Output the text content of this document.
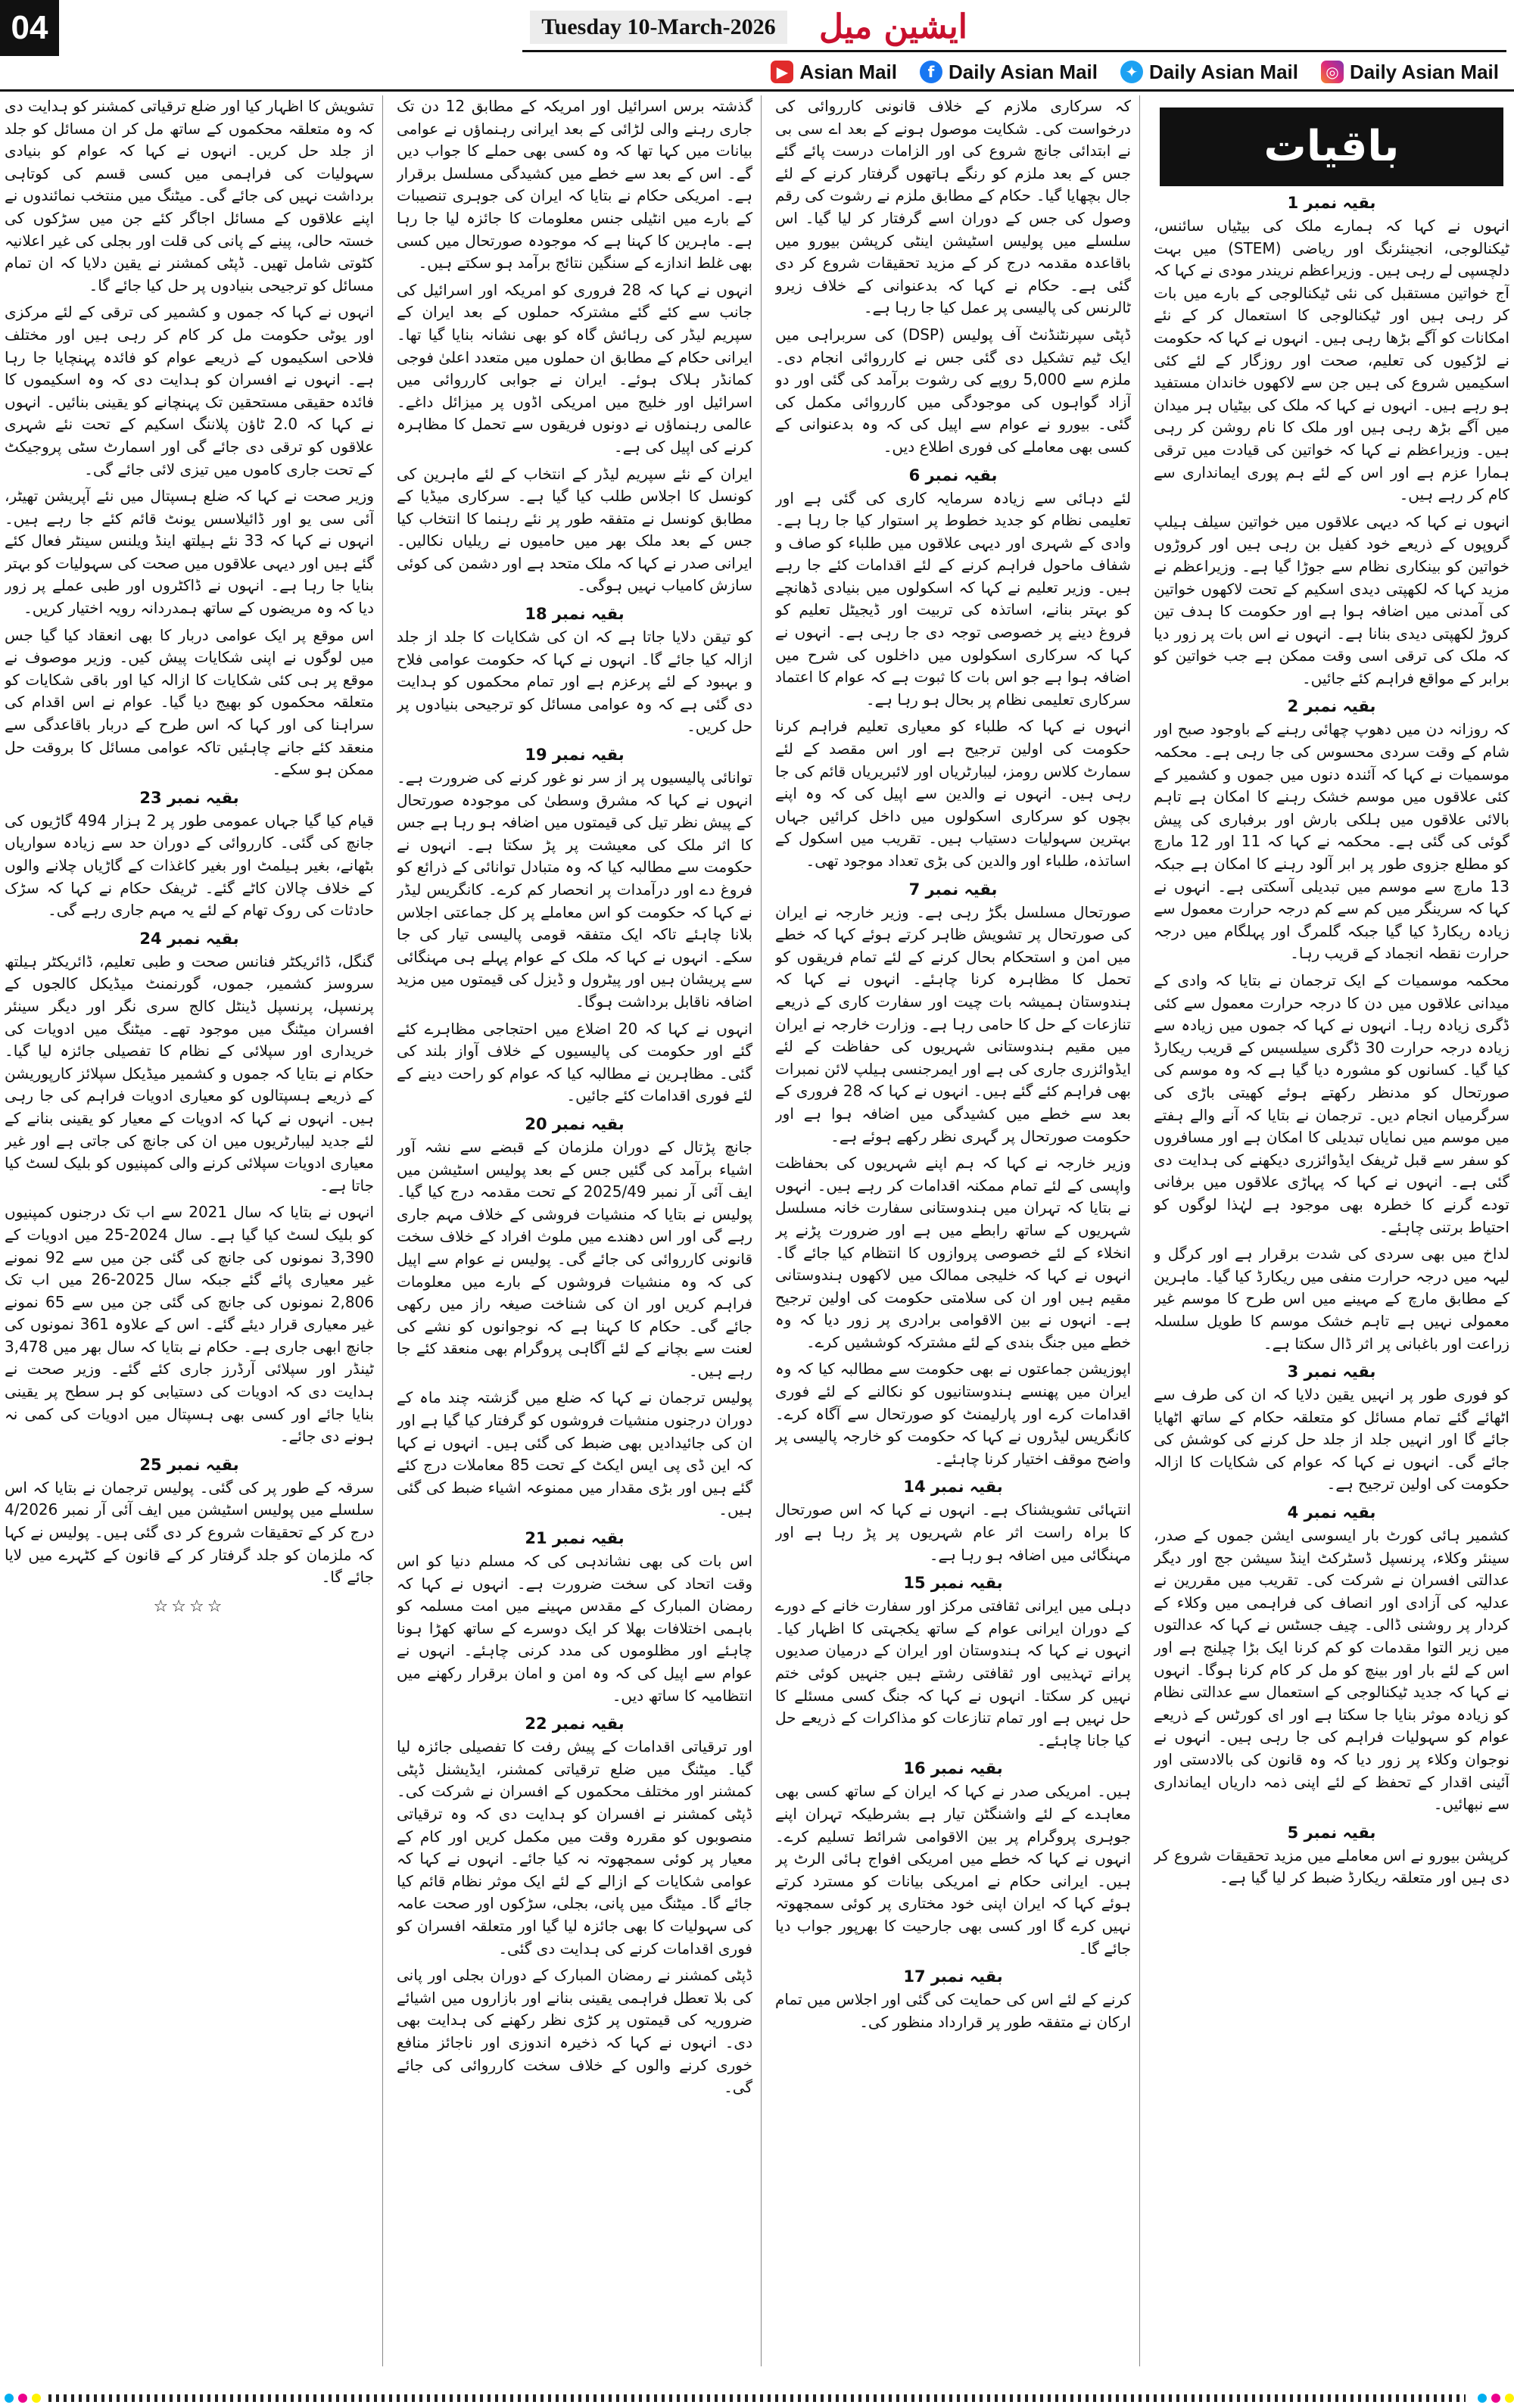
04	Tuesday 10-March-2026	ایشین میل
▶ Asian Mail	f Daily Asian Mail	✦ Daily Asian Mail	◎ Daily Asian Mail
باقیات
بقیہ نمبر 1

انہوں نے کہا کہ ہمارے ملک کی بیٹیاں سائنس، ٹیکنالوجی، انجینئرنگ اور ریاضی (STEM) میں بہت دلچسپی لے رہی ہیں۔ وزیراعظم نریندر مودی نے کہا کہ آج خواتین مستقبل کی نئی ٹیکنالوجی کے بارے میں بات کر رہی ہیں اور ٹیکنالوجی کا استعمال کر کے نئے امکانات کو آگے بڑھا رہی ہیں۔ انہوں نے کہا کہ حکومت نے لڑکیوں کی تعلیم، صحت اور روزگار کے لئے کئی اسکیمیں شروع کی ہیں جن سے لاکھوں خاندان مستفید ہو رہے ہیں۔ انہوں نے کہا کہ ملک کی بیٹیاں ہر میدان میں آگے بڑھ رہی ہیں اور ملک کا نام روشن کر رہی ہیں۔ وزیراعظم نے کہا کہ خواتین کی قیادت میں ترقی ہمارا عزم ہے اور اس کے لئے ہم پوری ایمانداری سے کام کر رہے ہیں۔

انہوں نے کہا کہ دیہی علاقوں میں خواتین سیلف ہیلپ گروپوں کے ذریعے خود کفیل بن رہی ہیں اور کروڑوں خواتین کو بینکاری نظام سے جوڑا گیا ہے۔ وزیراعظم نے مزید کہا کہ لکھپتی دیدی اسکیم کے تحت لاکھوں خواتین کی آمدنی میں اضافہ ہوا ہے اور حکومت کا ہدف تین کروڑ لکھپتی دیدی بنانا ہے۔ انہوں نے اس بات پر زور دیا کہ ملک کی ترقی اسی وقت ممکن ہے جب خواتین کو برابر کے مواقع فراہم کئے جائیں۔

بقیہ نمبر 2

کہ روزانہ دن میں دھوپ چھائی رہنے کے باوجود صبح اور شام کے وقت سردی محسوس کی جا رہی ہے۔ محکمہ موسمیات نے کہا کہ آئندہ دنوں میں جموں و کشمیر کے کئی علاقوں میں موسم خشک رہنے کا امکان ہے تاہم بالائی علاقوں میں ہلکی بارش اور برفباری کی پیش گوئی کی گئی ہے۔ محکمہ نے کہا کہ 11 اور 12 مارچ کو مطلع جزوی طور پر ابر آلود رہنے کا امکان ہے جبکہ 13 مارچ سے موسم میں تبدیلی آسکتی ہے۔ انہوں نے کہا کہ سرینگر میں کم سے کم درجہ حرارت معمول سے زیادہ ریکارڈ کیا گیا جبکہ گلمرگ اور پہلگام میں درجہ حرارت نقطہ انجماد کے قریب رہا۔

محکمہ موسمیات کے ایک ترجمان نے بتایا کہ وادی کے میدانی علاقوں میں دن کا درجہ حرارت معمول سے کئی ڈگری زیادہ رہا۔ انہوں نے کہا کہ جموں میں زیادہ سے زیادہ درجہ حرارت 30 ڈگری سیلسیس کے قریب ریکارڈ کیا گیا۔ کسانوں کو مشورہ دیا گیا ہے کہ وہ موسم کی صورتحال کو مدنظر رکھتے ہوئے کھیتی باڑی کی سرگرمیاں انجام دیں۔ ترجمان نے بتایا کہ آنے والے ہفتے میں موسم میں نمایاں تبدیلی کا امکان ہے اور مسافروں کو سفر سے قبل ٹریفک ایڈوائزری دیکھنے کی ہدایت دی گئی ہے۔ انہوں نے کہا کہ پہاڑی علاقوں میں برفانی تودے گرنے کا خطرہ بھی موجود ہے لہٰذا لوگوں کو احتیاط برتنی چاہئے۔

لداخ میں بھی سردی کی شدت برقرار ہے اور کرگل و لیہہ میں درجہ حرارت منفی میں ریکارڈ کیا گیا۔ ماہرین کے مطابق مارچ کے مہینے میں اس طرح کا موسم غیر معمولی نہیں ہے تاہم خشک موسم کا طویل سلسلہ زراعت اور باغبانی پر اثر ڈال سکتا ہے۔

بقیہ نمبر 3

کو فوری طور پر انہیں یقین دلایا کہ ان کی طرف سے اٹھائے گئے تمام مسائل کو متعلقہ حکام کے ساتھ اٹھایا جائے گا اور انہیں جلد از جلد حل کرنے کی کوشش کی جائے گی۔ انہوں نے کہا کہ عوام کی شکایات کا ازالہ حکومت کی اولین ترجیح ہے۔

بقیہ نمبر 4

کشمیر ہائی کورٹ بار ایسوسی ایشن جموں کے صدر، سینئر وکلاء، پرنسپل ڈسٹرکٹ اینڈ سیشن جج اور دیگر عدالتی افسران نے شرکت کی۔ تقریب میں مقررین نے عدلیہ کی آزادی اور انصاف کی فراہمی میں وکلاء کے کردار پر روشنی ڈالی۔ چیف جسٹس نے کہا کہ عدالتوں میں زیر التوا مقدمات کو کم کرنا ایک بڑا چیلنج ہے اور اس کے لئے بار اور بینچ کو مل کر کام کرنا ہوگا۔ انہوں نے کہا کہ جدید ٹیکنالوجی کے استعمال سے عدالتی نظام کو زیادہ موثر بنایا جا سکتا ہے اور ای کورٹس کے ذریعے عوام کو سہولیات فراہم کی جا رہی ہیں۔ انہوں نے نوجوان وکلاء پر زور دیا کہ وہ قانون کی بالادستی اور آئینی اقدار کے تحفظ کے لئے اپنی ذمہ داریاں ایمانداری سے نبھائیں۔

بقیہ نمبر 5

کرپشن بیورو نے اس معاملے میں مزید تحقیقات شروع کر دی ہیں اور متعلقہ ریکارڈ ضبط کر لیا گیا ہے۔

کہ سرکاری ملازم کے خلاف قانونی کارروائی کی درخواست کی۔ شکایت موصول ہونے کے بعد اے سی بی نے ابتدائی جانچ شروع کی اور الزامات درست پائے گئے جس کے بعد ملزم کو رنگے ہاتھوں گرفتار کرنے کے لئے جال بچھایا گیا۔ حکام کے مطابق ملزم نے رشوت کی رقم وصول کی جس کے دوران اسے گرفتار کر لیا گیا۔ اس سلسلے میں پولیس اسٹیشن اینٹی کرپشن بیورو میں باقاعدہ مقدمہ درج کر کے مزید تحقیقات شروع کر دی گئی ہے۔ حکام نے کہا کہ بدعنوانی کے خلاف زیرو ٹالرنس کی پالیسی پر عمل کیا جا رہا ہے۔

ڈپٹی سپرنٹنڈنٹ آف پولیس (DSP) کی سربراہی میں ایک ٹیم تشکیل دی گئی جس نے کارروائی انجام دی۔ ملزم سے 5,000 روپے کی رشوت برآمد کی گئی اور دو آزاد گواہوں کی موجودگی میں کارروائی مکمل کی گئی۔ بیورو نے عوام سے اپیل کی کہ وہ بدعنوانی کے کسی بھی معاملے کی فوری اطلاع دیں۔

بقیہ نمبر 6

لئے دہائی سے زیادہ سرمایہ کاری کی گئی ہے اور تعلیمی نظام کو جدید خطوط پر استوار کیا جا رہا ہے۔ وادی کے شہری اور دیہی علاقوں میں طلباء کو صاف و شفاف ماحول فراہم کرنے کے لئے اقدامات کئے جا رہے ہیں۔ وزیر تعلیم نے کہا کہ اسکولوں میں بنیادی ڈھانچے کو بہتر بنانے، اساتذہ کی تربیت اور ڈیجیٹل تعلیم کو فروغ دینے پر خصوصی توجہ دی جا رہی ہے۔ انہوں نے کہا کہ سرکاری اسکولوں میں داخلوں کی شرح میں اضافہ ہوا ہے جو اس بات کا ثبوت ہے کہ عوام کا اعتماد سرکاری تعلیمی نظام پر بحال ہو رہا ہے۔

انہوں نے کہا کہ طلباء کو معیاری تعلیم فراہم کرنا حکومت کی اولین ترجیح ہے اور اس مقصد کے لئے سمارٹ کلاس رومز، لیبارٹریاں اور لائبریریاں قائم کی جا رہی ہیں۔ انہوں نے والدین سے اپیل کی کہ وہ اپنے بچوں کو سرکاری اسکولوں میں داخل کرائیں جہاں بہترین سہولیات دستیاب ہیں۔ تقریب میں اسکول کے اساتذہ، طلباء اور والدین کی بڑی تعداد موجود تھی۔

بقیہ نمبر 7

صورتحال مسلسل بگڑ رہی ہے۔ وزیر خارجہ نے ایران کی صورتحال پر تشویش ظاہر کرتے ہوئے کہا کہ خطے میں امن و استحکام بحال کرنے کے لئے تمام فریقوں کو تحمل کا مظاہرہ کرنا چاہئے۔ انہوں نے کہا کہ ہندوستان ہمیشہ بات چیت اور سفارت کاری کے ذریعے تنازعات کے حل کا حامی رہا ہے۔ وزارت خارجہ نے ایران میں مقیم ہندوستانی شہریوں کی حفاظت کے لئے ایڈوائزری جاری کی ہے اور ایمرجنسی ہیلپ لائن نمبرات بھی فراہم کئے گئے ہیں۔ انہوں نے کہا کہ 28 فروری کے بعد سے خطے میں کشیدگی میں اضافہ ہوا ہے اور حکومت صورتحال پر گہری نظر رکھے ہوئے ہے۔

وزیر خارجہ نے کہا کہ ہم اپنے شہریوں کی بحفاظت واپسی کے لئے تمام ممکنہ اقدامات کر رہے ہیں۔ انہوں نے بتایا کہ تہران میں ہندوستانی سفارت خانہ مسلسل شہریوں کے ساتھ رابطے میں ہے اور ضرورت پڑنے پر انخلاء کے لئے خصوصی پروازوں کا انتظام کیا جائے گا۔ انہوں نے کہا کہ خلیجی ممالک میں لاکھوں ہندوستانی مقیم ہیں اور ان کی سلامتی حکومت کی اولین ترجیح ہے۔ انہوں نے بین الاقوامی برادری پر زور دیا کہ وہ خطے میں جنگ بندی کے لئے مشترکہ کوششیں کرے۔

اپوزیشن جماعتوں نے بھی حکومت سے مطالبہ کیا کہ وہ ایران میں پھنسے ہندوستانیوں کو نکالنے کے لئے فوری اقدامات کرے اور پارلیمنٹ کو صورتحال سے آگاہ کرے۔ کانگریس لیڈروں نے کہا کہ حکومت کو خارجہ پالیسی پر واضح موقف اختیار کرنا چاہئے۔

بقیہ نمبر 14

انتہائی تشویشناک ہے۔ انہوں نے کہا کہ اس صورتحال کا براہ راست اثر عام شہریوں پر پڑ رہا ہے اور مہنگائی میں اضافہ ہو رہا ہے۔

بقیہ نمبر 15

دہلی میں ایرانی ثقافتی مرکز اور سفارت خانے کے دورے کے دوران ایرانی عوام کے ساتھ یکجہتی کا اظہار کیا۔ انہوں نے کہا کہ ہندوستان اور ایران کے درمیان صدیوں پرانے تہذیبی اور ثقافتی رشتے ہیں جنہیں کوئی ختم نہیں کر سکتا۔ انہوں نے کہا کہ جنگ کسی مسئلے کا حل نہیں ہے اور تمام تنازعات کو مذاکرات کے ذریعے حل کیا جانا چاہئے۔

بقیہ نمبر 16

ہیں۔ امریکی صدر نے کہا کہ ایران کے ساتھ کسی بھی معاہدے کے لئے واشنگٹن تیار ہے بشرطیکہ تہران اپنے جوہری پروگرام پر بین الاقوامی شرائط تسلیم کرے۔ انہوں نے کہا کہ خطے میں امریکی افواج ہائی الرٹ پر ہیں۔ ایرانی حکام نے امریکی بیانات کو مسترد کرتے ہوئے کہا کہ ایران اپنی خود مختاری پر کوئی سمجھوتہ نہیں کرے گا اور کسی بھی جارحیت کا بھرپور جواب دیا جائے گا۔

بقیہ نمبر 17

کرنے کے لئے اس کی حمایت کی گئی اور اجلاس میں تمام ارکان نے متفقہ طور پر قرارداد منظور کی۔

گذشتہ برس اسرائیل اور امریکہ کے مطابق 12 دن تک جاری رہنے والی لڑائی کے بعد ایرانی رہنماؤں نے عوامی بیانات میں کہا تھا کہ وہ کسی بھی حملے کا جواب دیں گے۔ اس کے بعد سے خطے میں کشیدگی مسلسل برقرار ہے۔ امریکی حکام نے بتایا کہ ایران کی جوہری تنصیبات کے بارے میں انٹیلی جنس معلومات کا جائزہ لیا جا رہا ہے۔ ماہرین کا کہنا ہے کہ موجودہ صورتحال میں کسی بھی غلط اندازے کے سنگین نتائج برآمد ہو سکتے ہیں۔

انہوں نے کہا کہ 28 فروری کو امریکہ اور اسرائیل کی جانب سے کئے گئے مشترکہ حملوں کے بعد ایران کے سپریم لیڈر کی رہائش گاہ کو بھی نشانہ بنایا گیا تھا۔ ایرانی حکام کے مطابق ان حملوں میں متعدد اعلیٰ فوجی کمانڈر ہلاک ہوئے۔ ایران نے جوابی کارروائی میں اسرائیل اور خلیج میں امریکی اڈوں پر میزائل داغے۔ عالمی رہنماؤں نے دونوں فریقوں سے تحمل کا مظاہرہ کرنے کی اپیل کی ہے۔

ایران کے نئے سپریم لیڈر کے انتخاب کے لئے ماہرین کی کونسل کا اجلاس طلب کیا گیا ہے۔ سرکاری میڈیا کے مطابق کونسل نے متفقہ طور پر نئے رہنما کا انتخاب کیا جس کے بعد ملک بھر میں حامیوں نے ریلیاں نکالیں۔ ایرانی صدر نے کہا کہ ملک متحد ہے اور دشمن کی کوئی سازش کامیاب نہیں ہوگی۔

بقیہ نمبر 18

کو تیقن دلایا جاتا ہے کہ ان کی شکایات کا جلد از جلد ازالہ کیا جائے گا۔ انہوں نے کہا کہ حکومت عوامی فلاح و بہبود کے لئے پرعزم ہے اور تمام محکموں کو ہدایت دی گئی ہے کہ وہ عوامی مسائل کو ترجیحی بنیادوں پر حل کریں۔

بقیہ نمبر 19

توانائی پالیسیوں پر از سر نو غور کرنے کی ضرورت ہے۔ انہوں نے کہا کہ مشرق وسطیٰ کی موجودہ صورتحال کے پیش نظر تیل کی قیمتوں میں اضافہ ہو رہا ہے جس کا اثر ملک کی معیشت پر پڑ سکتا ہے۔ انہوں نے حکومت سے مطالبہ کیا کہ وہ متبادل توانائی کے ذرائع کو فروغ دے اور درآمدات پر انحصار کم کرے۔ کانگریس لیڈر نے کہا کہ حکومت کو اس معاملے پر کل جماعتی اجلاس بلانا چاہئے تاکہ ایک متفقہ قومی پالیسی تیار کی جا سکے۔ انہوں نے کہا کہ ملک کے عوام پہلے ہی مہنگائی سے پریشان ہیں اور پیٹرول و ڈیزل کی قیمتوں میں مزید اضافہ ناقابل برداشت ہوگا۔

انہوں نے کہا کہ 20 اضلاع میں احتجاجی مظاہرے کئے گئے اور حکومت کی پالیسیوں کے خلاف آواز بلند کی گئی۔ مظاہرین نے مطالبہ کیا کہ عوام کو راحت دینے کے لئے فوری اقدامات کئے جائیں۔

بقیہ نمبر 20

جانچ پڑتال کے دوران ملزمان کے قبضے سے نشہ آور اشیاء برآمد کی گئیں جس کے بعد پولیس اسٹیشن میں ایف آئی آر نمبر 2025/49 کے تحت مقدمہ درج کیا گیا۔ پولیس نے بتایا کہ منشیات فروشی کے خلاف مہم جاری رہے گی اور اس دھندے میں ملوث افراد کے خلاف سخت قانونی کارروائی کی جائے گی۔ پولیس نے عوام سے اپیل کی کہ وہ منشیات فروشوں کے بارے میں معلومات فراہم کریں اور ان کی شناخت صیغہ راز میں رکھی جائے گی۔ حکام کا کہنا ہے کہ نوجوانوں کو نشے کی لعنت سے بچانے کے لئے آگاہی پروگرام بھی منعقد کئے جا رہے ہیں۔

پولیس ترجمان نے کہا کہ ضلع میں گزشتہ چند ماہ کے دوران درجنوں منشیات فروشوں کو گرفتار کیا گیا ہے اور ان کی جائیدادیں بھی ضبط کی گئی ہیں۔ انہوں نے کہا کہ این ڈی پی ایس ایکٹ کے تحت 85 معاملات درج کئے گئے ہیں اور بڑی مقدار میں ممنوعہ اشیاء ضبط کی گئی ہیں۔

بقیہ نمبر 21

اس بات کی بھی نشاندہی کی کہ مسلم دنیا کو اس وقت اتحاد کی سخت ضرورت ہے۔ انہوں نے کہا کہ رمضان المبارک کے مقدس مہینے میں امت مسلمہ کو باہمی اختلافات بھلا کر ایک دوسرے کے ساتھ کھڑا ہونا چاہئے اور مظلوموں کی مدد کرنی چاہئے۔ انہوں نے عوام سے اپیل کی کہ وہ امن و امان برقرار رکھنے میں انتظامیہ کا ساتھ دیں۔

بقیہ نمبر 22

اور ترقیاتی اقدامات کے پیش رفت کا تفصیلی جائزہ لیا گیا۔ میٹنگ میں ضلع ترقیاتی کمشنر، ایڈیشنل ڈپٹی کمشنر اور مختلف محکموں کے افسران نے شرکت کی۔ ڈپٹی کمشنر نے افسران کو ہدایت دی کہ وہ ترقیاتی منصوبوں کو مقررہ وقت میں مکمل کریں اور کام کے معیار پر کوئی سمجھوتہ نہ کیا جائے۔ انہوں نے کہا کہ عوامی شکایات کے ازالے کے لئے ایک موثر نظام قائم کیا جائے گا۔ میٹنگ میں پانی، بجلی، سڑکوں اور صحت عامہ کی سہولیات کا بھی جائزہ لیا گیا اور متعلقہ افسران کو فوری اقدامات کرنے کی ہدایت دی گئی۔

ڈپٹی کمشنر نے رمضان المبارک کے دوران بجلی اور پانی کی بلا تعطل فراہمی یقینی بنانے اور بازاروں میں اشیائے ضروریہ کی قیمتوں پر کڑی نظر رکھنے کی ہدایت بھی دی۔ انہوں نے کہا کہ ذخیرہ اندوزی اور ناجائز منافع خوری کرنے والوں کے خلاف سخت کارروائی کی جائے گی۔

تشویش کا اظہار کیا اور ضلع ترقیاتی کمشنر کو ہدایت دی کہ وہ متعلقہ محکموں کے ساتھ مل کر ان مسائل کو جلد از جلد حل کریں۔ انہوں نے کہا کہ عوام کو بنیادی سہولیات کی فراہمی میں کسی قسم کی کوتاہی برداشت نہیں کی جائے گی۔ میٹنگ میں منتخب نمائندوں نے اپنے علاقوں کے مسائل اجاگر کئے جن میں سڑکوں کی خستہ حالی، پینے کے پانی کی قلت اور بجلی کی غیر اعلانیہ کٹوتی شامل تھیں۔ ڈپٹی کمشنر نے یقین دلایا کہ ان تمام مسائل کو ترجیحی بنیادوں پر حل کیا جائے گا۔

انہوں نے کہا کہ جموں و کشمیر کی ترقی کے لئے مرکزی اور یوٹی حکومت مل کر کام کر رہی ہیں اور مختلف فلاحی اسکیموں کے ذریعے عوام کو فائدہ پہنچایا جا رہا ہے۔ انہوں نے افسران کو ہدایت دی کہ وہ اسکیموں کا فائدہ حقیقی مستحقین تک پہنچانے کو یقینی بنائیں۔ انہوں نے کہا کہ 2.0 ٹاؤن پلاننگ اسکیم کے تحت نئے شہری علاقوں کو ترقی دی جائے گی اور اسمارٹ سٹی پروجیکٹ کے تحت جاری کاموں میں تیزی لائی جائے گی۔

وزیر صحت نے کہا کہ ضلع ہسپتال میں نئے آپریشن تھیٹر، آئی سی یو اور ڈائیلاسس یونٹ قائم کئے جا رہے ہیں۔ انہوں نے کہا کہ 33 نئے ہیلتھ اینڈ ویلنس سینٹر فعال کئے گئے ہیں اور دیہی علاقوں میں صحت کی سہولیات کو بہتر بنایا جا رہا ہے۔ انہوں نے ڈاکٹروں اور طبی عملے پر زور دیا کہ وہ مریضوں کے ساتھ ہمدردانہ رویہ اختیار کریں۔

اس موقع پر ایک عوامی دربار کا بھی انعقاد کیا گیا جس میں لوگوں نے اپنی شکایات پیش کیں۔ وزیر موصوف نے موقع پر ہی کئی شکایات کا ازالہ کیا اور باقی شکایات کو متعلقہ محکموں کو بھیج دیا گیا۔ عوام نے اس اقدام کی سراہنا کی اور کہا کہ اس طرح کے دربار باقاعدگی سے منعقد کئے جانے چاہئیں تاکہ عوامی مسائل کا بروقت حل ممکن ہو سکے۔

بقیہ نمبر 23

قیام کیا گیا جہاں عمومی طور پر 2 ہزار 494 گاڑیوں کی جانچ کی گئی۔ کارروائی کے دوران حد سے زیادہ سواریاں بٹھانے، بغیر ہیلمٹ اور بغیر کاغذات کے گاڑیاں چلانے والوں کے خلاف چالان کاٹے گئے۔ ٹریفک حکام نے کہا کہ سڑک حادثات کی روک تھام کے لئے یہ مہم جاری رہے گی۔

بقیہ نمبر 24

گنگل، ڈائریکٹر فنانس صحت و طبی تعلیم، ڈائریکٹر ہیلتھ سروسز کشمیر، جموں، گورنمنٹ میڈیکل کالجوں کے پرنسپل، پرنسپل ڈینٹل کالج سری نگر اور دیگر سینئر افسران میٹنگ میں موجود تھے۔ میٹنگ میں ادویات کی خریداری اور سپلائی کے نظام کا تفصیلی جائزہ لیا گیا۔ حکام نے بتایا کہ جموں و کشمیر میڈیکل سپلائز کارپوریشن کے ذریعے ہسپتالوں کو معیاری ادویات فراہم کی جا رہی ہیں۔ انہوں نے کہا کہ ادویات کے معیار کو یقینی بنانے کے لئے جدید لیبارٹریوں میں ان کی جانچ کی جاتی ہے اور غیر معیاری ادویات سپلائی کرنے والی کمپنیوں کو بلیک لسٹ کیا جاتا ہے۔

انہوں نے بتایا کہ سال 2021 سے اب تک درجنوں کمپنیوں کو بلیک لسٹ کیا گیا ہے۔ سال 2024-25 میں ادویات کے 3,390 نمونوں کی جانچ کی گئی جن میں سے 92 نمونے غیر معیاری پائے گئے جبکہ سال 2025-26 میں اب تک 2,806 نمونوں کی جانچ کی گئی جن میں سے 65 نمونے غیر معیاری قرار دیئے گئے۔ اس کے علاوہ 361 نمونوں کی جانچ ابھی جاری ہے۔ حکام نے بتایا کہ سال بھر میں 3,478 ٹینڈر اور سپلائی آرڈرز جاری کئے گئے۔ وزیر صحت نے ہدایت دی کہ ادویات کی دستیابی کو ہر سطح پر یقینی بنایا جائے اور کسی بھی ہسپتال میں ادویات کی کمی نہ ہونے دی جائے۔

بقیہ نمبر 25

سرقہ کے طور پر کی گئی۔ پولیس ترجمان نے بتایا کہ اس سلسلے میں پولیس اسٹیشن میں ایف آئی آر نمبر 4/2026 درج کر کے تحقیقات شروع کر دی گئی ہیں۔ پولیس نے کہا کہ ملزمان کو جلد گرفتار کر کے قانون کے کٹہرے میں لایا جائے گا۔

☆☆☆☆
